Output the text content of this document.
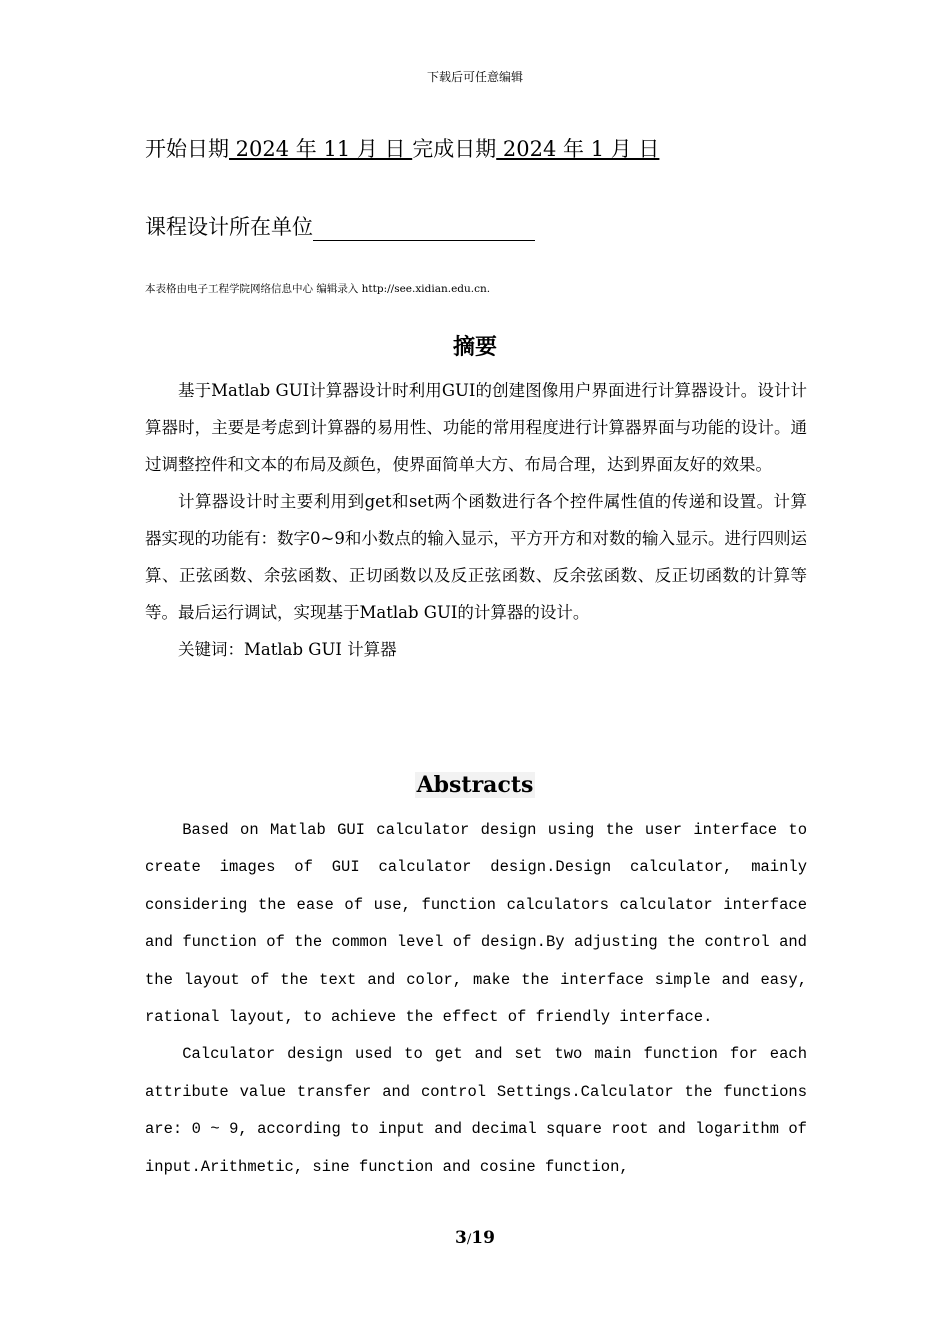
下载后可任意编辑
开始日期 2024 年 11 月 日 完成日期 2024 年 1 月 日
课程设计所在单位
本表格由电子工程学院网络信息中心 编辑录入 http://see.xidian.edu.cn.
摘要

基于Matlab GUI计算器设计时利用GUI的创建图像用户界面进行计算器设计。设计计算器时，主要是考虑到计算器的易用性、功能的常用程度进行计算器界面与功能的设计。通过调整控件和文本的布局及颜色，使界面简单大方、布局合理，达到界面友好的效果。

计算器设计时主要利用到get和set两个函数进行各个控件属性值的传递和设置。计算器实现的功能有：数字0~9和小数点的输入显示，平方开方和对数的输入显示。进行四则运算、正弦函数、余弦函数、正切函数以及反正弦函数、反余弦函数、反正切函数的计算等等。最后运行调试，实现基于Matlab GUI的计算器的设计。

关键词：Matlab GUI 计算器

Abstracts

Based on Matlab GUI calculator design using the user interface to create images of GUI calculator design.Design calculator, mainly considering the ease of use, function calculators calculator interface and function of the common level of design.By adjusting the control and the layout of the text and color, make the interface simple and easy, rational layout, to achieve the effect of friendly interface.

Calculator design used to get and set two main function for each attribute value transfer and control Settings.Calculator the functions are: 0 ~ 9, according to input and decimal square root and logarithm of input.Arithmetic, sine function and cosine function,

3/19
